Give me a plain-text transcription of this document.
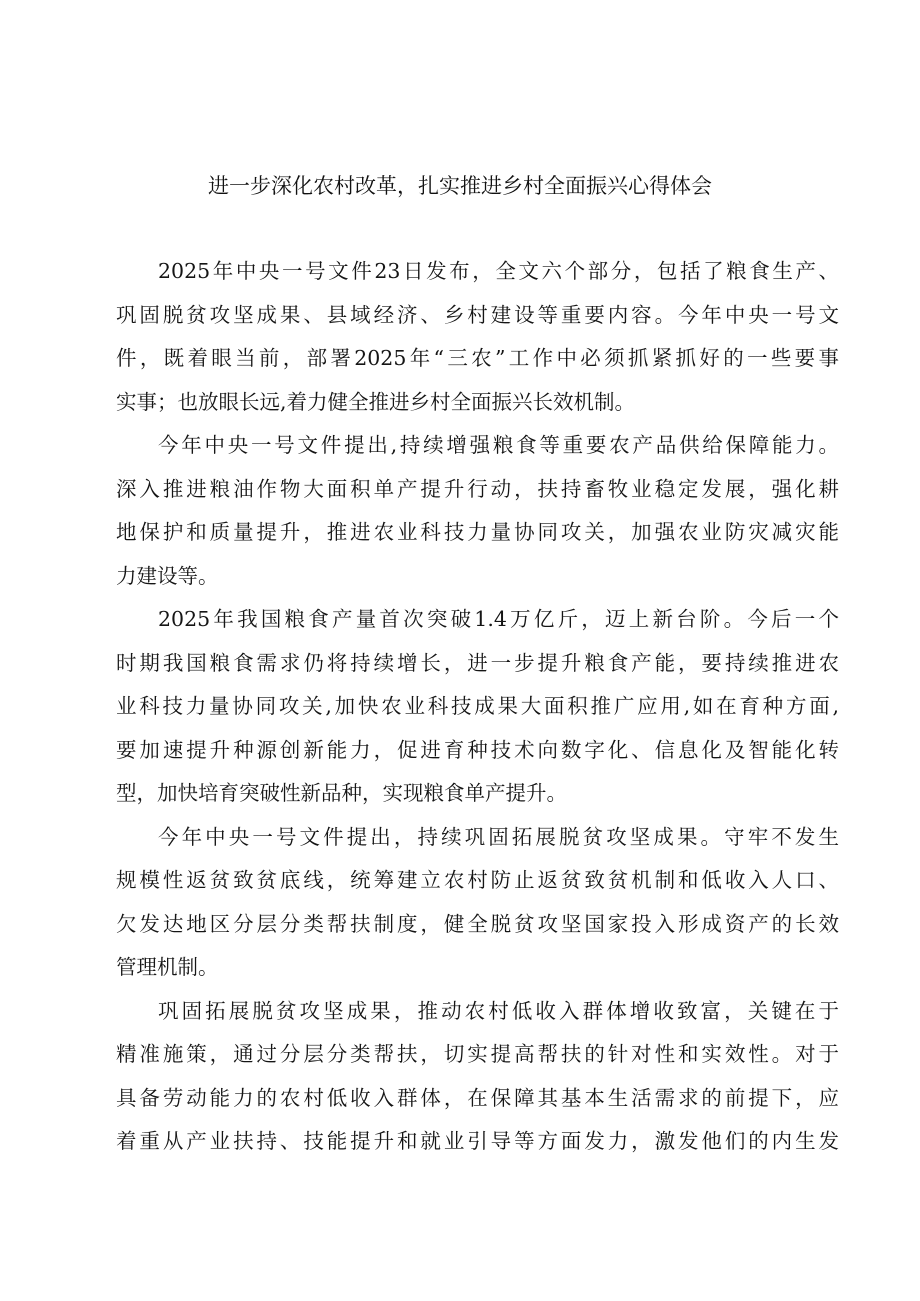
进一步深化农村改革，扎实推进乡村全面振兴心得体会
2025年中央一号文件23日发布，全文六个部分，包括了粮食生产、
巩固脱贫攻坚成果、县域经济、乡村建设等重要内容。今年中央一号文
件，既着眼当前，部署2025年“三农”工作中必须抓紧抓好的一些要事
实事；也放眼长远,着力健全推进乡村全面振兴长效机制。
今年中央一号文件提出,持续增强粮食等重要农产品供给保障能力。
深入推进粮油作物大面积单产提升行动，扶持畜牧业稳定发展，强化耕
地保护和质量提升，推进农业科技力量协同攻关，加强农业防灾减灾能
力建设等。
2025年我国粮食产量首次突破1.4万亿斤，迈上新台阶。今后一个
时期我国粮食需求仍将持续增长，进一步提升粮食产能，要持续推进农
业科技力量协同攻关,加快农业科技成果大面积推广应用,如在育种方面,
要加速提升种源创新能力，促进育种技术向数字化、信息化及智能化转
型，加快培育突破性新品种，实现粮食单产提升。
今年中央一号文件提出，持续巩固拓展脱贫攻坚成果。守牢不发生
规模性返贫致贫底线，统筹建立农村防止返贫致贫机制和低收入人口、
欠发达地区分层分类帮扶制度，健全脱贫攻坚国家投入形成资产的长效
管理机制。
巩固拓展脱贫攻坚成果，推动农村低收入群体增收致富，关键在于
精准施策，通过分层分类帮扶，切实提高帮扶的针对性和实效性。对于
具备劳动能力的农村低收入群体，在保障其基本生活需求的前提下，应
着重从产业扶持、技能提升和就业引导等方面发力，激发他们的内生发
